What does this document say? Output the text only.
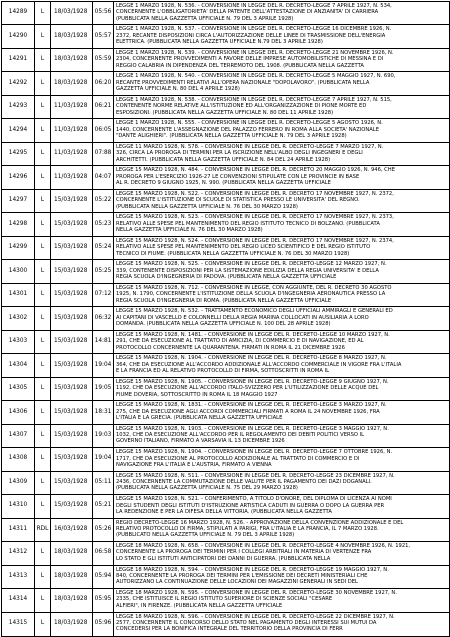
14289	L	18/03/1928	05:56
LEGGE 1 MARZO 1928, N. 536. - CONVERSIONE IN LEGGE DEL R. DECRETO-LEGGE 7 APRILE 1927, N. 534,
CONCERNENTE L'OBBLIGATORIETA' DELLA PATENTE DELL'ATTESTAZIONE DI ANZIANITA' DI CARRIERA
(PUBBLICATA NELLA GAZZETTA UFFICIALE N. 79 DEL 3 APRILE 1928)
14290	L	18/03/1928	05:57
LEGGE 1 MARZO 1928, N. 537. - CONVERSIONE IN LEGGE DEL R. DECRETO-LEGGE 16 DICEMBRE 1926, N.
2372, RECANTE DISPOSIZIONI CIRCA L'AUTORIZZAZIONE DELLE LINEE DI TRASMISSIONE DELL'ENERGIA
ELETTRICA. (PUBBLICATA NELLA GAZZETTA UFFICIALE N.79 DEL 3 APRILE 1928)
14291	L	18/03/1928	05:59
LEGGE 1 MARZO 1928, N. 539. - CONVERSIONE IN LEGGE DEL R. DECRETO-LEGGE 21 NOVEMBRE 1926, N.
2304, CONCERNENTE PROVVEDIMENTI A FAVORE DELLE IMPRESE AUTOMOBILISTICHE DI MESSINA E DI
REGGIO CALABRIA IN DIPENDENZA DEL TERREMOTO DEL 1908. (PUBBLICATA NELLA GAZZETTA
14292	L	18/03/1928	06:20
LEGGE 1 MARZO 1928, N. 540. - CONVERSIONE IN LEGGE DEL R. DECRETO-LEGGE 5 MAGGIO 1927, N. 690,
RECANTE PROVVEDIMENTI RELATIVI ALL'OPERA NAZIONALE "DOPOLAVORO". (PUBBLICATA NELLA
GAZZETTA UFFICIALE N. 80 DEL 4 APRILE 1928)
14293	L	11/03/1928	06:21
LEGGE 1 MARZO 1928, N. 538. - CONVERSIONE IN LEGGE DEL R. DECRETO-LEGGE 7 APRILE 1927, N. 515,
CONTENENTE NORME RELATIVE ALL'ISTITUZIONE ED ALL'ORGANIZZAZIONE DI PIONE MORTE ED
ESPOSIZIONI. (PUBBLICATA NELLA GAZZETTA UFFICIALE N. 80 DEL 11 APRILE 1928)
14294	L	11/03/1928	06:05
LEGGE 1 MARZO 1928, N. 555. - CONVERSIONE IN LEGGE DEL R. DECRETO-LEGGE 5 AGOSTO 1926, N.
1440, CONCERNENTE L'ASSEGNAZIONE DEL PALAZZO FERRERO IN ROMA ALLA SOCIETA' NAZIONALE
"DANTE ALIGHIERI". (PUBBLICATA NELLA GAZZETTA UFFICIALE N. 79 DEL 3 APRILE 1928)
14295	L	11/03/1928	07:88
LEGGE 11 MARZO 1928, N. 578. - CONVERSIONE IN LEGGE DEL R. DECRETO-LEGGE 7 MARZO 1927, N.
326, CIRCA LA PROROGA DI TERMINI PER LA ISCRIZIONE NELL'ALBO DEGLI INGEGNERI E DEGLI
ARCHITETTI. (PUBBLICATA NELLA GAZZETTA UFFICIALE N. 84 DEL 24 APRILE 1928)
14296	L	11/03/1928	04:07
LEGGE 15 MARZO 1928, N. 484. - CONVERSIONE IN LEGGE DEL R. DECRETO 20 MAGGIO 1926, N. 946, CHE
PROROGA PER L'ESERCIZIO 1926-27 LE CONVENZIONI STIPULATE CON LE PROVINCIE IN BASE
AL R. DECRETO 9 GIUGNO 1925, N. 990. (PUBBLICATA NELLA GAZZETTA UFFICIALE
14297	L	15/03/1928	05:22
LEGGE 15 MARZO 1928, N. 522. - CONVERSIONE IN LEGGE DEL R. DECRETO 17 NOVEMBRE 1927, N. 2372,
CONCERNENTE L'ISTITUZIONE DI SCUOLE DI STATISTICA PRESSO LE UNIVERSITA' DEL REGNO.
(PUBBLICATA NELLA GAZZETTA UFFICIALE N. 76 DEL 30 MARZO 1928)
14298	L	15/03/1928	05:23
LEGGE 15 MARZO 1928, N. 523. - CONVERSIONE IN LEGGE DEL R. DECRETO 17 NOVEMBRE 1927, N. 2373,
RELATIVO ALLE SPESE PEL MANTENIMENTO DEL REGIO ISTITUTO TECNICO DI BOLZANO. (PUBBLICATA
NELLA GAZZETTA UFFICIALE N. 76 DEL 30 MARZO 1928)
14299	L	15/03/1928	05:24
LEGGE 15 MARZO 1928, N. 524. - CONVERSIONE IN LEGGE DEL R. DECRETO 17 NOVEMBRE 1927, N. 2374,
RELATIVO ALLE SPESE PEL MANTENIMENTO DEL REGIO LICEO SCIENTIFICO E DEL REGIO ISTITUTO
TECNICO DI FIUME. (PUBBLICATA NELLA GAZZETTA UFFICIALE N. 76 DEL 30 MARZO 1928)
14300	L	15/03/1928	05:25
LEGGE 15 MARZO 1928, N. 525. - CONVERSIONE IN LEGGE DEL R. DECRETO-LEGGE 12 MARZO 1927, N.
339, CONTENENTE DISPOSIZIONI PER LA SISTEMAZIONE EDILIZIA DELLA REGIA UNIVERSITA' E DELLA
REGIA SCUOLA D'INGEGNERIA DI PADOVA. (PUBBLICATA NELLA GAZZETTA UFFICIALE
14301	L	15/03/1928	07:12
LEGGE 15 MARZO 1928, N. 712. - CONVERSIONE IN LEGGE, CON AGGIUNTE, DEL R. DECRETO 30 AGOSTO
1925, N. 1790, CONCERNENTE L'ISTITUZIONE DELLA SCUOLA D'INGEGNERIA AERONAUTICA PRESSO LA
REGIA SCUOLA D'INGEGNERIA DI ROMA. (PUBBLICATA NELLA GAZZETTA UFFICIALE
14302	L	15/03/1928	06:32
LEGGE 15 MARZO 1928, N. 532. - TRATTAMENTO ECONOMICO DEGLI UFFICIALI AMMIRAGLI E GENERALI ED
AI CAPITANI DI VASCELLO E COLONNELLI DELLA REGIA MARINA COLLOCATI IN AUSILIARIA A LORO
DOMANDA. (PUBBLICATA NELLA GAZZETTA UFFICIALE N. 100 DEL 28 APRILE 1928)
14303	L	15/03/1928	14:81
LEGGE 15 MARZO 1928, N. 1481. - CONVERSIONE IN LEGGE DEL R. DECRETO-LEGGE 10 MARZO 1927, N.
291, CHE DA ESECUZIONE AL TRATTATO DI AMICIZIA, DI COMMERCIO E DI NAVIGAZIONE, ED AL
PROTOCOLLO CONCERNENTE LA QUARANTENA. FIRMATI IN ROMA IL 21 DICEMBRE 1926
14304	L	15/03/1928	19:04
LEGGE 15 MARZO 1928, N. 1904. - CONVERSIONE IN LEGGE DEL R. DECRETO-LEGGE 8 MARZO 1927, N.
364, CHE DA ESECUZIONE ALL'ACCORDO ADDIZIONALE ALL'ACCORDO COMMERCIALE IN VIGORE FRA L'ITALIA
E LA FRANCIA ED AL RELATIVO PROTOCOLLO DI FIRMA, SOTTOSCRITTI IN ROMA IL
14305	L	15/03/1928	19:05
LEGGE 15 MARZO 1928, N. 1905. - CONVERSIONE IN LEGGE DEL R. DECRETO-LEGGE 9 GIUGNO 1927, N.
1192, CHE DA ESECUZIONE ALL'ACCORDO ITALO-SVIZZERO PER L'UTILIZZAZIONE DELLE ACQUE DEL
FIUME DOVERIA, SOTTOSCRITTO IN ROMA IL 18 MAGGIO 1927
14306	L	15/03/1928	18:31
LEGGE 15 MARZO 1928, N. 1831. - CONVERSIONE IN LEGGE DEL R. DECRETO-LEGGE 3 MARZO 1927, N.
275, CHE DA ESECUZIONE AGLI ACCORDI COMMERCIALI FIRMATI A ROMA IL 24 NOVEMBRE 1926, FRA
L'ITALIA E LA GRECIA. (PUBBLICATA NELLA GAZZETTA UFFICIALE
14307	L	15/03/1928	19:03
LEGGE 15 MARZO 1928, N. 1903. - CONVERSIONE IN LEGGE DEL R. DECRETO-LEGGE 3 MAGGIO 1927, N.
1032, CHE DA ESECUZIONE ALL'ACCORDO PER IL REGOLAMENTO DEI DEBITI POLITICI VERSO IL
GOVERNO ITALIANO, FIRMATO A VARSAVIA IL 13 DICEMBRE 1926
14308	L	15/03/1928	19:04
LEGGE 15 MARZO 1928, N. 1904. - CONVERSIONE IN LEGGE DEL R. DECRETO-LEGGE 7 OTTOBRE 1926, N.
1717, CHE DA ESECUZIONE AL PROTOCOLLO ADDIZIONALE AL TRATTATO DI COMMERCIO E DI
NAVIGAZIONE FRA L'ITALIA E L'AUSTRIA, FIRMATO A VIENNA
14309	L	15/03/1928	05:11
LEGGE 15 MARZO 1928, N. 511. - CONVERSIONE IN LEGGE DEL R. DECRETO-LEGGE 23 DICEMBRE 1927, N.
2436, CONCERNENTE LA COMMUTAZIONE DELLE VALUTE PER IL PAGAMENTO DEI DAZI DOGANALI.
(PUBBLICATA NELLA GAZZETTA UFFICIALE N. 75 DEL 29 MARZO 1928)
14310	L	15/03/1928	05:21
LEGGE 15 MARZO 1928, N. 521. - CONFERIMENTO, A TITOLO D'ONORE, DEL DIPLOMA DI LICENZA AI NOMI
DEGLI STUDENTI DEGLI ISTITUTI D'ISTRUZIONE ARTISTICA CADUTI IN GUERRA O DOPO LA GUERRA PER
LA REDENZIONE E PER LA DIFESA DELLA VITTORIA. (PUBBLICATA NELLA GAZZETTA
14311	RDL 16/03/1928	05:26
REGIO DECRETO-LEGGE 16 MARZO 1928, N. 526. - APPROVAZIONE DELLA CONVENZIONE ADDIZIONALE E DEL
RELATIVO PROTOCOLLO DI FIRMA, STIPULATI A PARIGI, FRA L'ITALIA E LA FRANCIA, IL 7 MARZO 1928.
(PUBBLICATO NELLA GAZZETTA UFFICIALE N. 79 DEL 3 APRILE 1928)
14312	L	18/03/1928	06:58
LEGGE 18 MARZO 1928, N. 658. - CONVERSIONE IN LEGGE DEL R. DECRETO-LEGGE 4 NOVEMBRE 1926, N. 1921,
CONCERNENTE LA PROROGA DEI TERMINI PER I COLLEGI ARBITRALI IN MATERIA DI VERTENZE FRA
LO STATO E GLI ISTITUTI ANTICIPATORI DEI DANNI DI GUERRA. (PUBBLICATA NELLA
14313	L	18/03/1928	05:94
LEGGE 18 MARZO 1928, N. 594. - CONVERSIONE IN LEGGE DEL R. DECRETO-LEGGE 19 MAGGIO 1927, N.
840, CONCERNENTE LA PROROGA DEI TERMINI PER L'EMISSIONE DEI DECRETI MINISTERIALI CHE
AUTORIZZANO LA CONTINUAZIONE DELLE LOCAZIONI DEI MAGAZZINI GENERALI IN SEDI DEL
14314	L	18/03/1928	05:95
LEGGE 18 MARZO 1928, N. 595. - CONVERSIONE IN LEGGE DEL R. DECRETO-LEGGE 30 NOVEMBRE 1927, N.
2335, CHE ISTITUISCE IL REGIO ISTITUTO SUPERIORE DI SCIENZE SOCIALI "CESARE
ALFIERI", IN FIRENZE. (PUBBLICATA NELLA GAZZETTA UFFICIALE
14315	L	18/03/1928	05:96
LEGGE 18 MARZO 1928, N. 596. - CONVERSIONE IN LEGGE DEL R. DECRETO-LEGGE 22 DICEMBRE 1927, N.
2577, CONCERNENTE IL CONCORSO DELLO STATO NEL PAGAMENTO DEGLI INTERESSI SUI MUTUI DA
CONCEDERSI PER LA BONIFICA INTEGRALE DEL TERRITORIO DELLA PROVINCIA DI FERR
